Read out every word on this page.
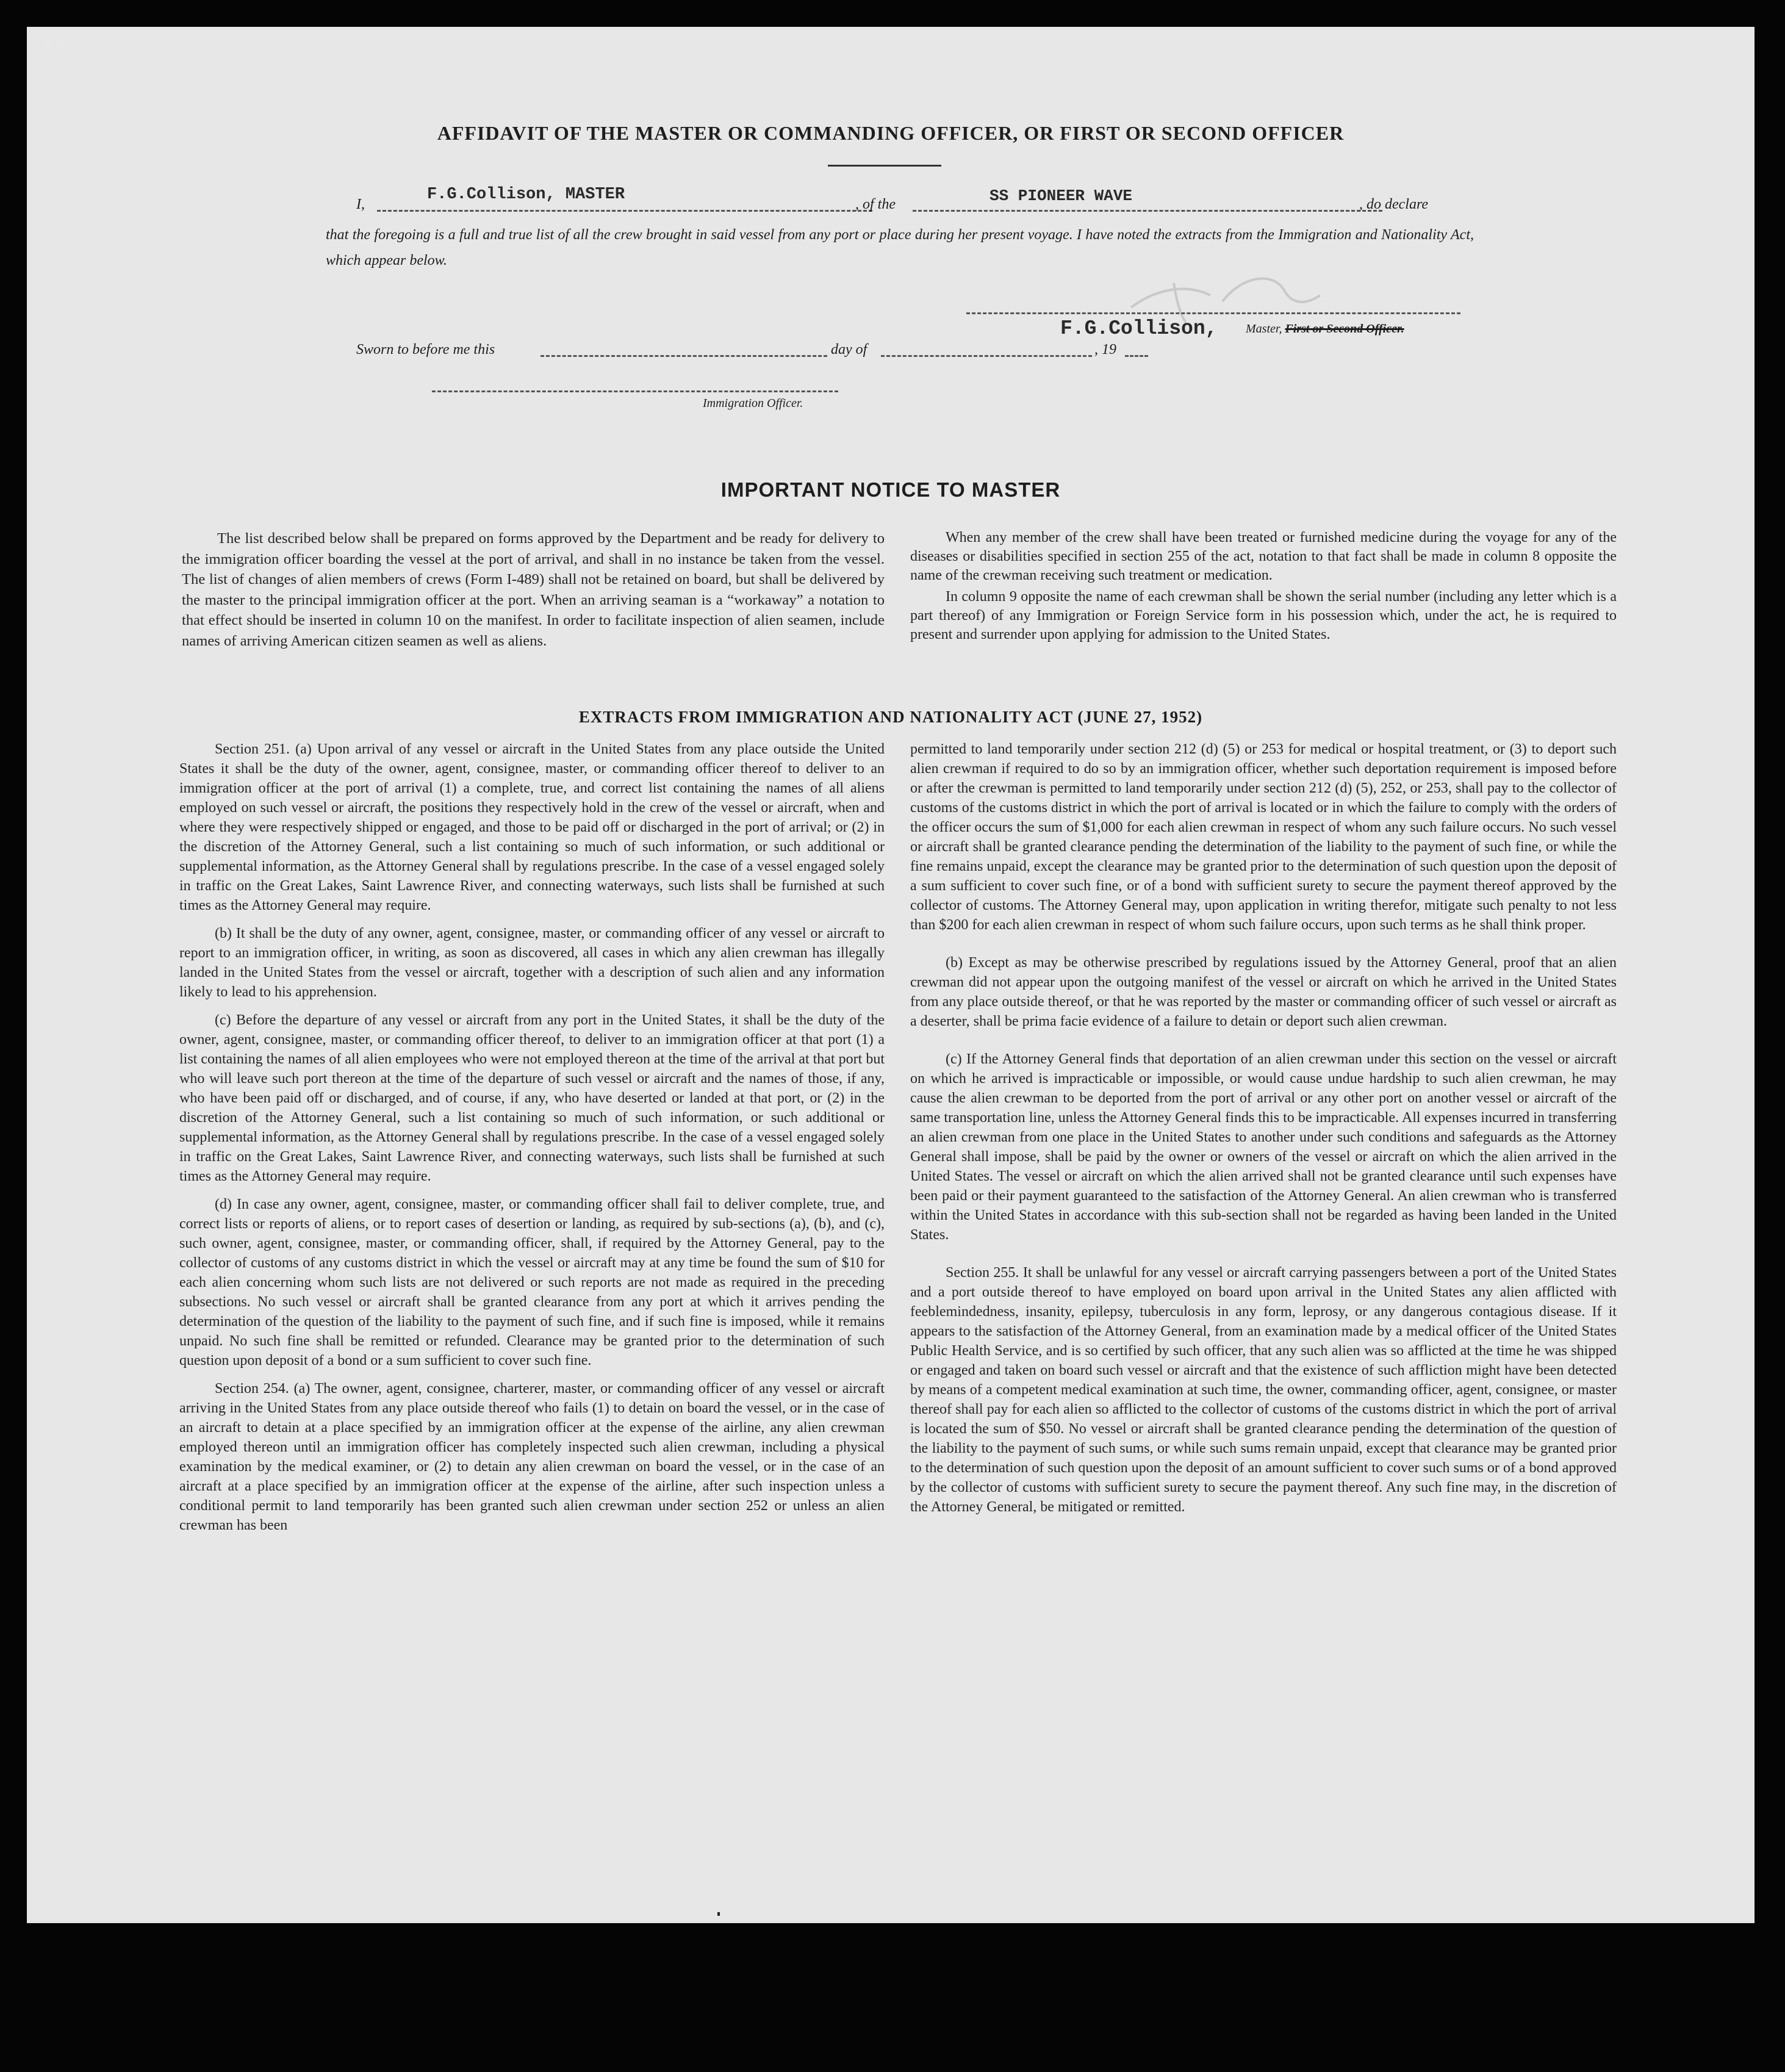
AFFIDAVIT OF THE MASTER OR COMMANDING OFFICER, OR FIRST OR SECOND OFFICER
I,
F.G.Collison, MASTER
, of the	SS PIONEER WAVE	, do declare
that the foregoing is a full and true list of all the crew brought in said vessel from any port or place during her present voyage. I have noted the extracts from the Immigration and Nationality Act, which appear below.
F.G.Collison, Master, First or Second Officer.
Sworn to before me this	day of	, 19
Immigration Officer.
IMPORTANT NOTICE TO MASTER

The list described below shall be prepared on forms approved by the Department and be ready for delivery to the immigration officer boarding the vessel at the port of arrival, and shall in no instance be taken from the vessel. The list of changes of alien members of crews (Form I-489) shall not be retained on board, but shall be delivered by the master to the principal immigration officer at the port. When an arriving seaman is a “workaway” a notation to that effect should be inserted in column 10 on the manifest. In order to facilitate inspection of alien seamen, include names of arriving American citizen seamen as well as aliens.

When any member of the crew shall have been treated or furnished medicine during the voyage for any of the diseases or disabilities specified in section 255 of the act, notation to that fact shall be made in column 8 opposite the name of the crewman receiving such treatment or medication.

In column 9 opposite the name of each crewman shall be shown the serial number (including any letter which is a part thereof) of any Immigration or Foreign Service form in his possession which, under the act, he is required to present and surrender upon applying for admission to the United States.

EXTRACTS FROM IMMIGRATION AND NATIONALITY ACT (JUNE 27, 1952)

Section 251. (a) Upon arrival of any vessel or aircraft in the United States from any place outside the United States it shall be the duty of the owner, agent, consignee, master, or commanding officer thereof to deliver to an immigration officer at the port of arrival (1) a complete, true, and correct list containing the names of all aliens employed on such vessel or aircraft, the positions they respectively hold in the crew of the vessel or aircraft, when and where they were respectively shipped or engaged, and those to be paid off or discharged in the port of arrival; or (2) in the discretion of the Attorney General, such a list containing so much of such information, or such additional or supplemental information, as the Attorney General shall by regulations prescribe. In the case of a vessel engaged solely in traffic on the Great Lakes, Saint Lawrence River, and connecting waterways, such lists shall be furnished at such times as the Attorney General may require.

(b) It shall be the duty of any owner, agent, consignee, master, or commanding officer of any vessel or aircraft to report to an immigration officer, in writing, as soon as discovered, all cases in which any alien crewman has illegally landed in the United States from the vessel or aircraft, together with a description of such alien and any information likely to lead to his apprehension.

(c) Before the departure of any vessel or aircraft from any port in the United States, it shall be the duty of the owner, agent, consignee, master, or commanding officer thereof, to deliver to an immigration officer at that port (1) a list containing the names of all alien employees who were not employed thereon at the time of the arrival at that port but who will leave such port thereon at the time of the departure of such vessel or aircraft and the names of those, if any, who have been paid off or discharged, and of course, if any, who have deserted or landed at that port, or (2) in the discretion of the Attorney General, such a list containing so much of such information, or such additional or supplemental information, as the Attorney General shall by regulations prescribe. In the case of a vessel engaged solely in traffic on the Great Lakes, Saint Lawrence River, and connecting waterways, such lists shall be furnished at such times as the Attorney General may require.

(d) In case any owner, agent, consignee, master, or commanding officer shall fail to deliver complete, true, and correct lists or reports of aliens, or to report cases of desertion or landing, as required by sub-sections (a), (b), and (c), such owner, agent, consignee, master, or commanding officer, shall, if required by the Attorney General, pay to the collector of customs of any customs district in which the vessel or aircraft may at any time be found the sum of $10 for each alien concerning whom such lists are not delivered or such reports are not made as required in the preceding subsections. No such vessel or aircraft shall be granted clearance from any port at which it arrives pending the determination of the question of the liability to the payment of such fine, and if such fine is imposed, while it remains unpaid. No such fine shall be remitted or refunded. Clearance may be granted prior to the determination of such question upon deposit of a bond or a sum sufficient to cover such fine.

Section 254. (a) The owner, agent, consignee, charterer, master, or commanding officer of any vessel or aircraft arriving in the United States from any place outside thereof who fails (1) to detain on board the vessel, or in the case of an aircraft to detain at a place specified by an immigration officer at the expense of the airline, any alien crewman employed thereon until an immigration officer has completely inspected such alien crewman, including a physical examination by the medical examiner, or (2) to detain any alien crewman on board the vessel, or in the case of an aircraft at a place specified by an immigration officer at the expense of the airline, after such inspection unless a conditional permit to land temporarily has been granted such alien crewman under section 252 or unless an alien crewman has been

permitted to land temporarily under section 212 (d) (5) or 253 for medical or hospital treatment, or (3) to deport such alien crewman if required to do so by an immigration officer, whether such deportation requirement is imposed before or after the crewman is permitted to land temporarily under section 212 (d) (5), 252, or 253, shall pay to the collector of customs of the customs district in which the port of arrival is located or in which the failure to comply with the orders of the officer occurs the sum of $1,000 for each alien crewman in respect of whom any such failure occurs. No such vessel or aircraft shall be granted clearance pending the determination of the liability to the payment of such fine, or while the fine remains unpaid, except the clearance may be granted prior to the determination of such question upon the deposit of a sum sufficient to cover such fine, or of a bond with sufficient surety to secure the payment thereof approved by the collector of customs. The Attorney General may, upon application in writing therefor, mitigate such penalty to not less than $200 for each alien crewman in respect of whom such failure occurs, upon such terms as he shall think proper.

(b) Except as may be otherwise prescribed by regulations issued by the Attorney General, proof that an alien crewman did not appear upon the outgoing manifest of the vessel or aircraft on which he arrived in the United States from any place outside thereof, or that he was reported by the master or commanding officer of such vessel or aircraft as a deserter, shall be prima facie evidence of a failure to detain or deport such alien crewman.

(c) If the Attorney General finds that deportation of an alien crewman under this section on the vessel or aircraft on which he arrived is impracticable or impossible, or would cause undue hardship to such alien crewman, he may cause the alien crewman to be deported from the port of arrival or any other port on another vessel or aircraft of the same transportation line, unless the Attorney General finds this to be impracticable. All expenses incurred in transferring an alien crewman from one place in the United States to another under such conditions and safeguards as the Attorney General shall impose, shall be paid by the owner or owners of the vessel or aircraft on which the alien arrived in the United States. The vessel or aircraft on which the alien arrived shall not be granted clearance until such expenses have been paid or their payment guaranteed to the satisfaction of the Attorney General. An alien crewman who is transferred within the United States in accordance with this sub-section shall not be regarded as having been landed in the United States.

Section 255. It shall be unlawful for any vessel or aircraft carrying passengers between a port of the United States and a port outside thereof to have employed on board upon arrival in the United States any alien afflicted with feeblemindedness, insanity, epilepsy, tuberculosis in any form, leprosy, or any dangerous contagious disease. If it appears to the satisfaction of the Attorney General, from an examination made by a medical officer of the United States Public Health Service, and is so certified by such officer, that any such alien was so afflicted at the time he was shipped or engaged and taken on board such vessel or aircraft and that the existence of such affliction might have been detected by means of a competent medical examination at such time, the owner, commanding officer, agent, consignee, or master thereof shall pay for each alien so afflicted to the collector of customs of the customs district in which the port of arrival is located the sum of $50. No vessel or aircraft shall be granted clearance pending the determination of the question of the liability to the payment of such sums, or while such sums remain unpaid, except that clearance may be granted prior to the determination of such question upon the deposit of an amount sufficient to cover such sums or of a bond approved by the collector of customs with sufficient surety to secure the payment thereof. Any such fine may, in the discretion of the Attorney General, be mitigated or remitted.

▪ ▪ ·	· ·
